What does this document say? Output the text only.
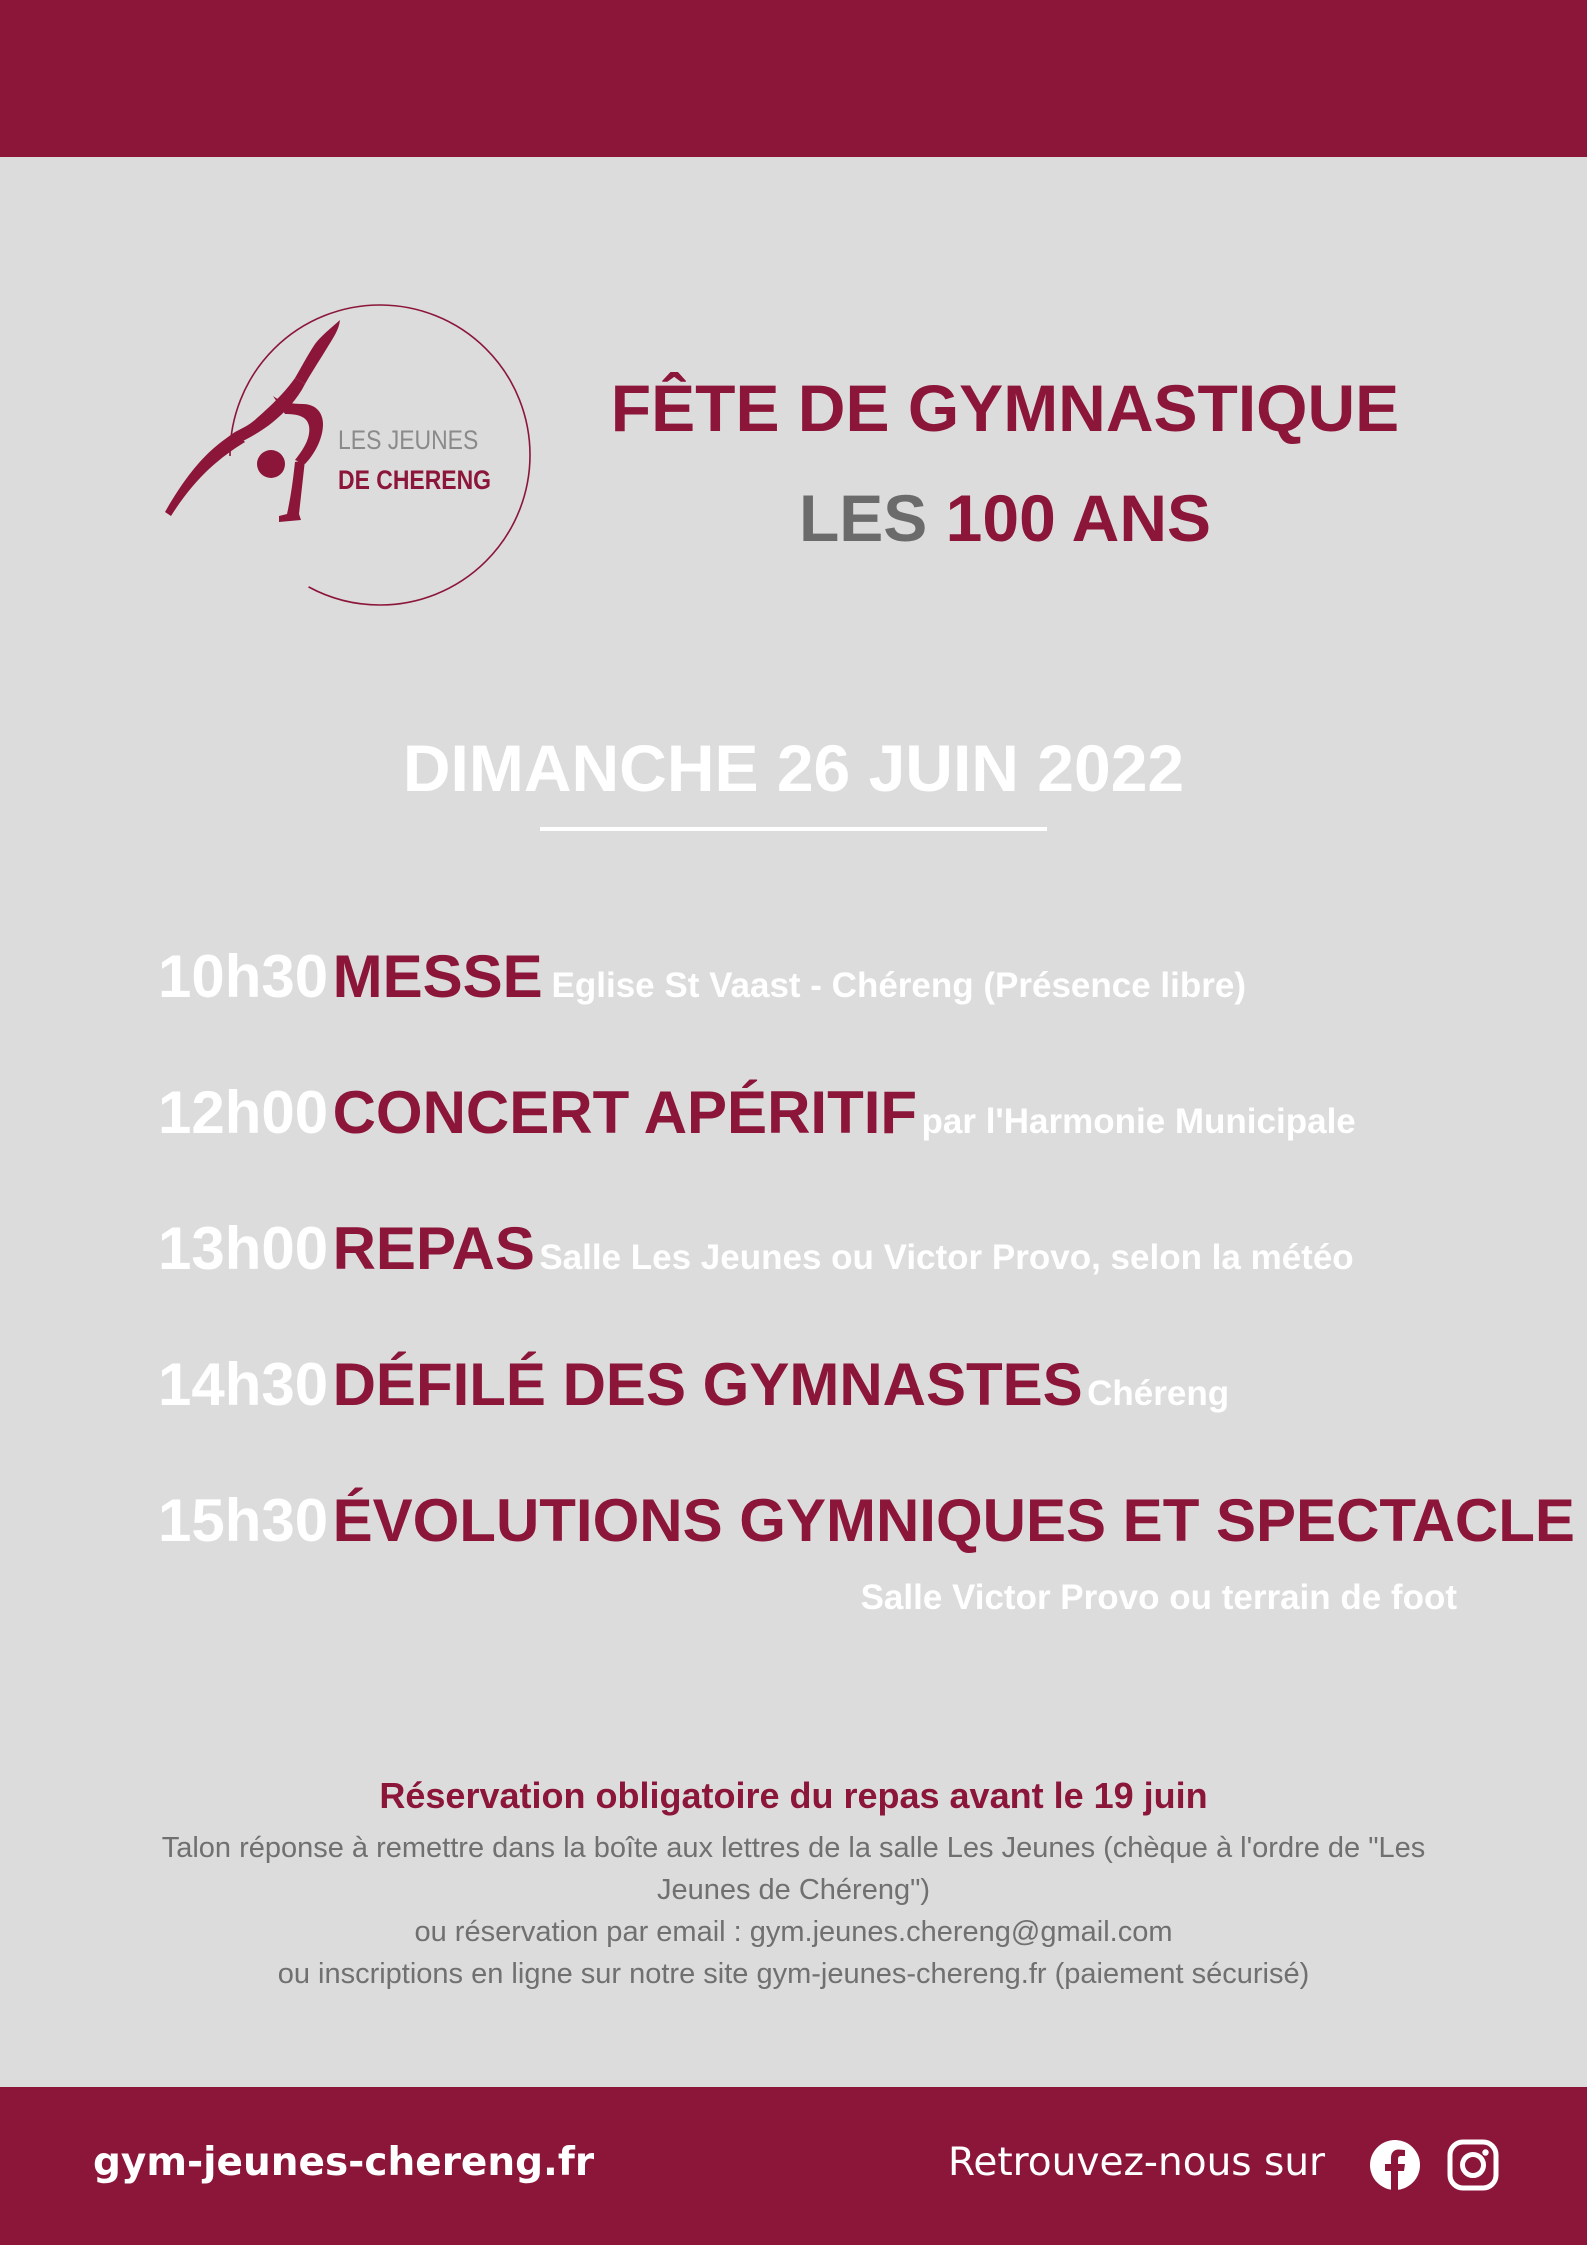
LES JEUNES
DE CHERENG
FÊTE DE GYMNASTIQUE
LES 100 ANS
DIMANCHE 26 JUIN 2022
10h30 MESSE Eglise St Vaast - Chéreng (Présence libre)
12h00 CONCERT APÉRITIF par l'Harmonie Municipale
13h00 REPAS Salle Les Jeunes ou Victor Provo, selon la météo
14h30 DÉFILÉ DES GYMNASTES Chéreng
15h30 ÉVOLUTIONS GYMNIQUES ET SPECTACLE
Salle Victor Provo ou terrain de foot
Réservation obligatoire du repas avant le 19 juin
Talon réponse à remettre dans la boîte aux lettres de la salle Les Jeunes (chèque à l'ordre de "Les
Jeunes de Chéreng")
ou réservation par email : gym.jeunes.chereng@gmail.com
ou inscriptions en ligne sur notre site gym-jeunes-chereng.fr (paiement sécurisé)
gym-jeunes-chereng.fr	Retrouvez-nous sur
